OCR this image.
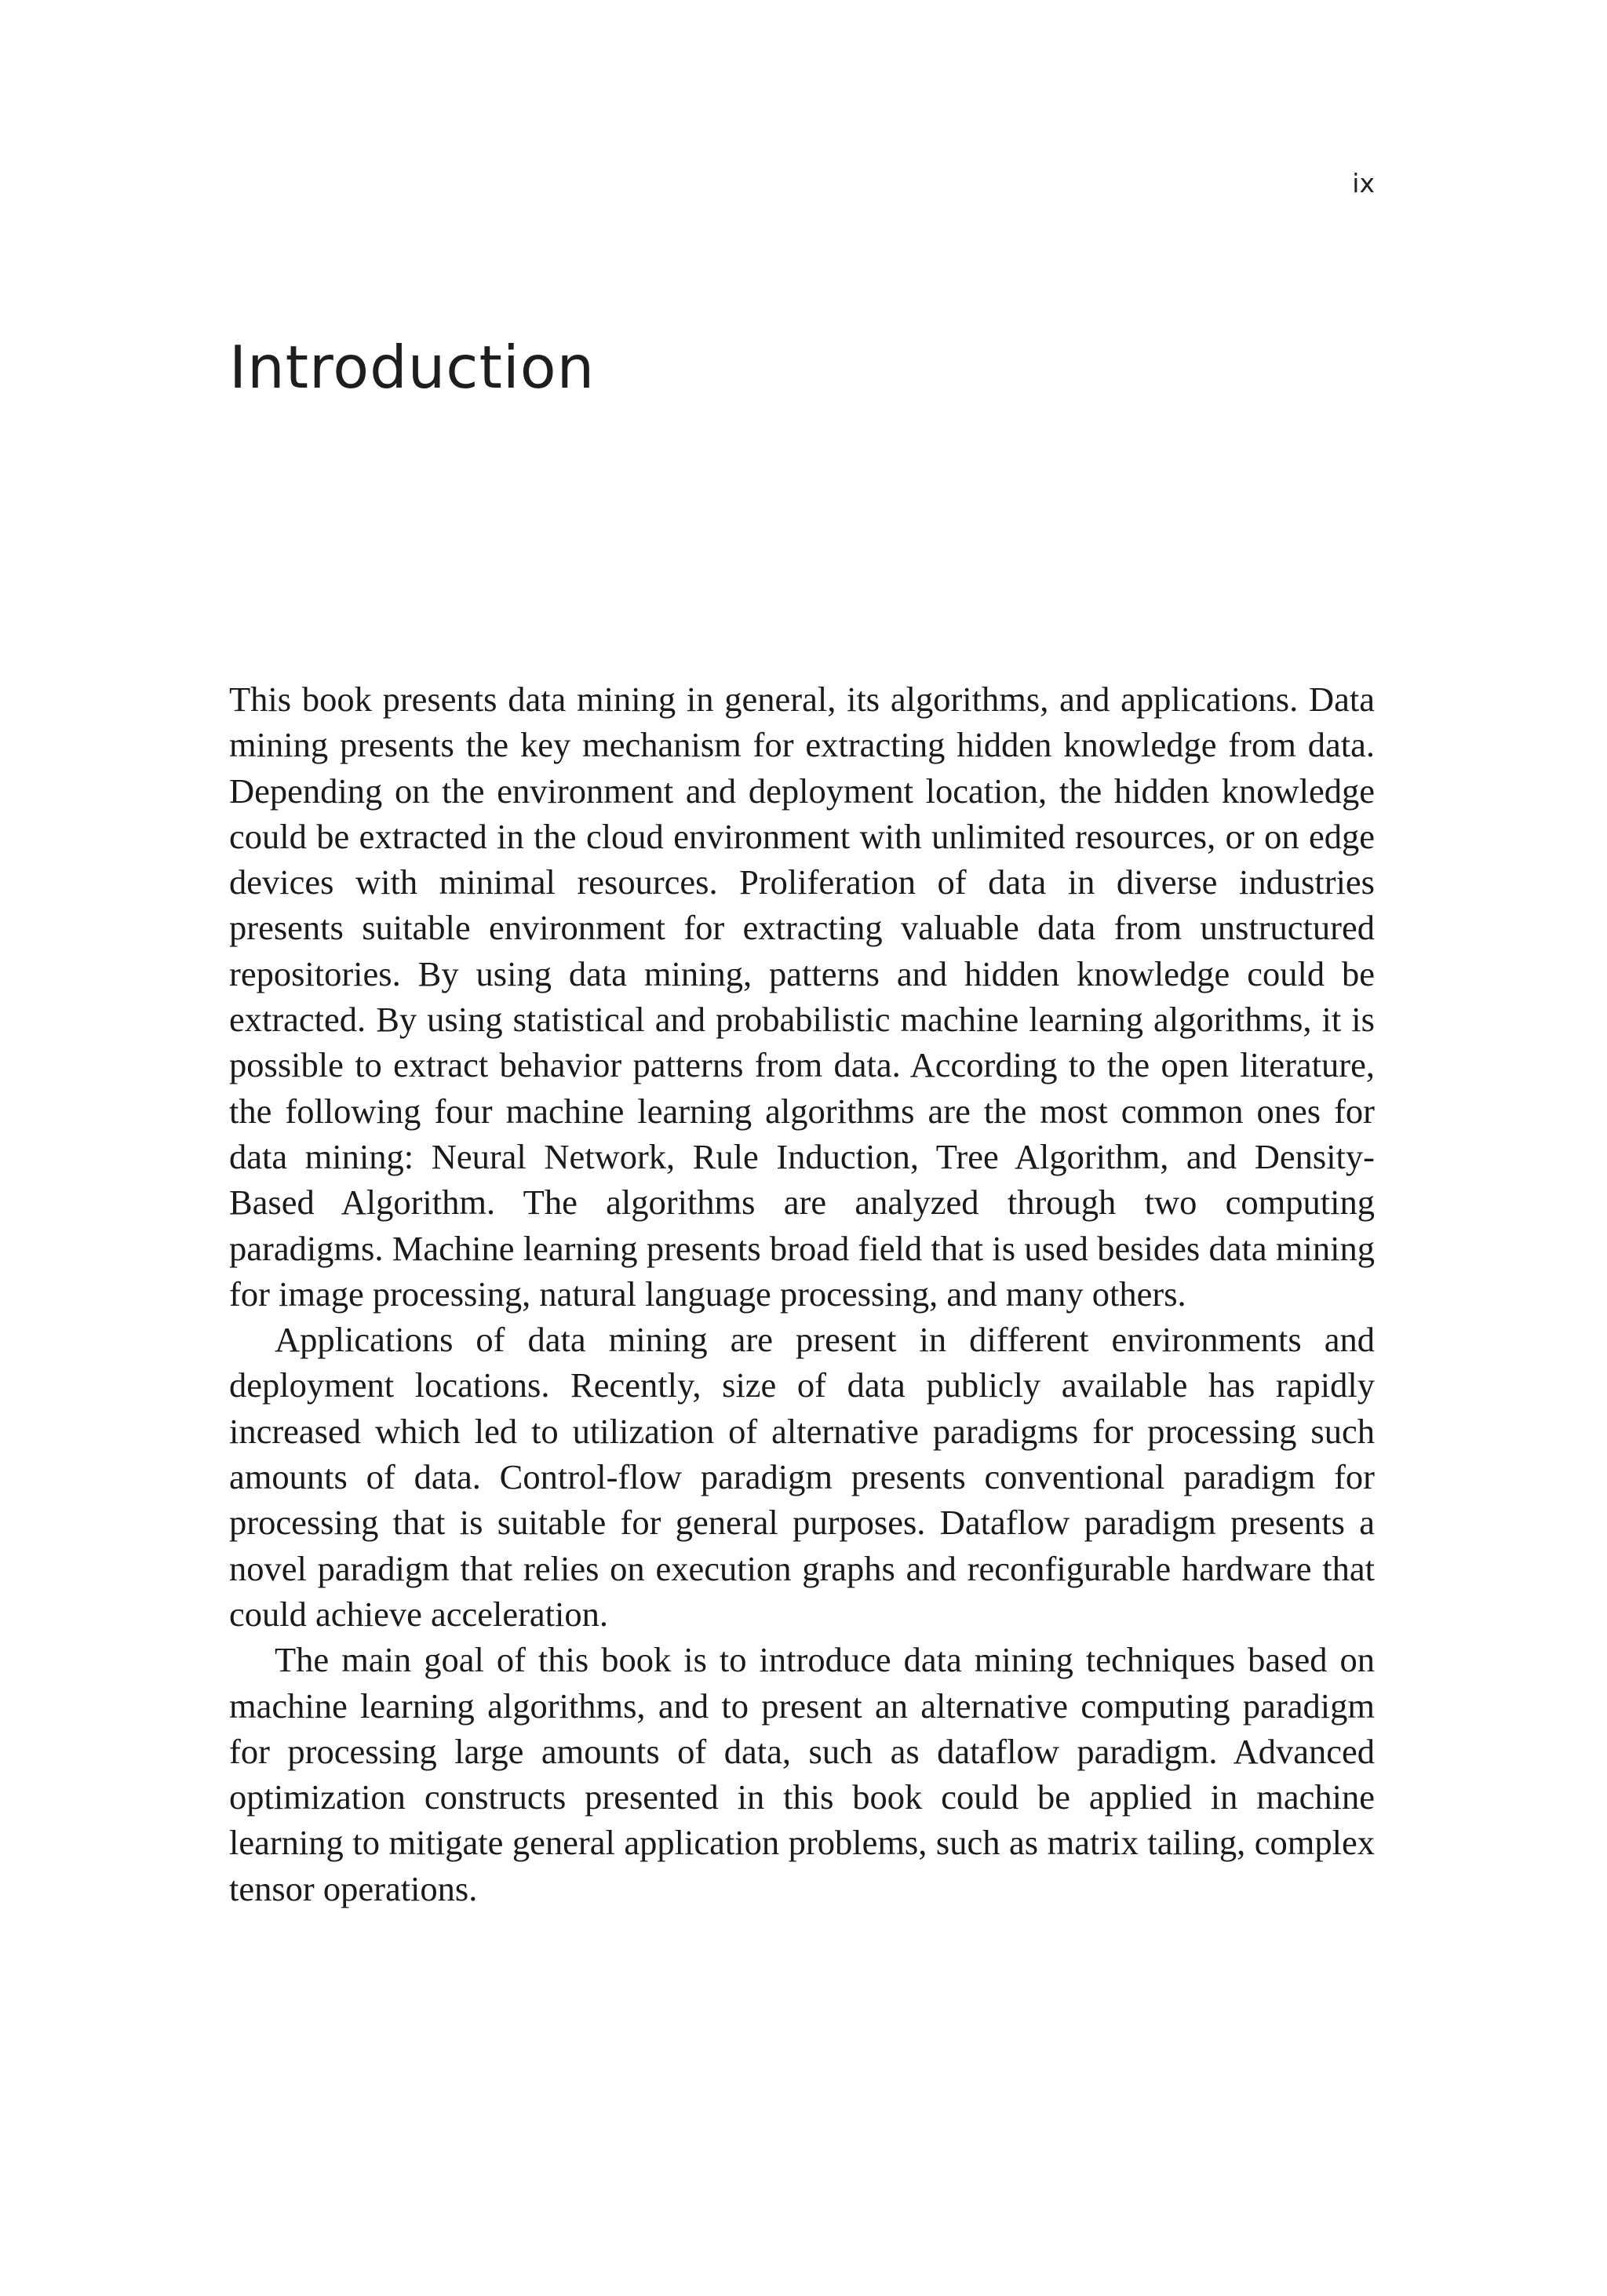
ix
Introduction

This book presents data mining in general, its algorithms, and applications. Data mining presents the key mechanism for extracting hidden knowledge from data. Depending on the environment and deployment location, the hidden knowledge could be extracted in the cloud environment with unlimited resources, or on edge devices with minimal resources. Proliferation of data in diverse industries presents suitable environment for extracting valuable data from unstructured repositories. By using data mining, patterns and hidden knowledge could be extracted. By using statistical and probabilistic machine learning algorithms, it is possible to extract behavior patterns from data. According to the open literature, the following four machine learning algorithms are the most common ones for data mining: Neural Network, Rule Induction, Tree Algorithm, and Density-Based Algorithm. The algorithms are analyzed through two computing paradigms. Machine learning presents broad field that is used besides data mining for image processing, natural language processing, and many others.

Applications of data mining are present in different environments and deployment locations. Recently, size of data publicly available has rapidly increased which led to utilization of alternative paradigms for processing such amounts of data. Control-flow paradigm presents conventional paradigm for processing that is suitable for general purposes. Dataflow paradigm presents a novel paradigm that relies on execution graphs and reconfigurable hardware that could achieve acceleration.

The main goal of this book is to introduce data mining techniques based on machine learning algorithms, and to present an alternative computing paradigm for processing large amounts of data, such as dataflow paradigm. Advanced optimization constructs presented in this book could be applied in machine learning to mitigate general application problems, such as matrix tailing, complex tensor operations.
